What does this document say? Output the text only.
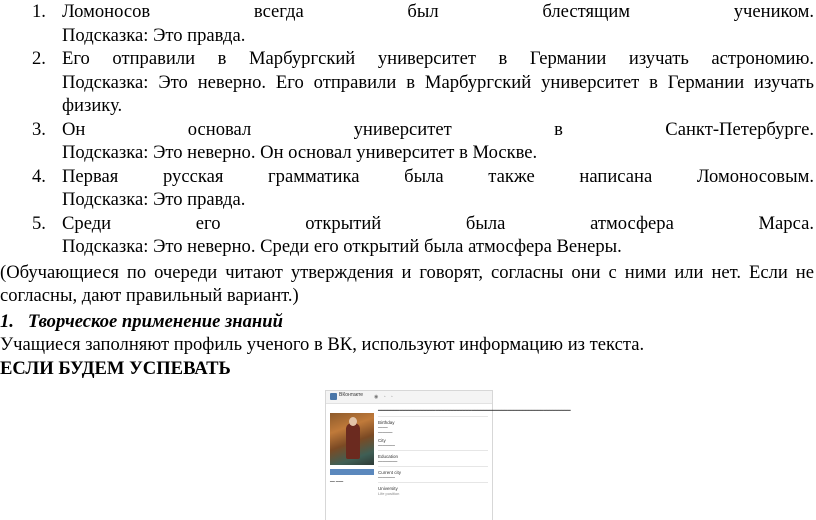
1. Ломоносов всегда был блестящим учеником.
Подсказка: Это правда.
2. Его отправили в Марбургский университет в Германии изучать астрономию.
Подсказка: Это неверно. Его отправили в Марбургский университет в Германии изучать физику.
3. Он основал университет в Санкт-Петербурге.
Подсказка: Это неверно. Он основал университет в Москве.
4. Первая русская грамматика была также написана Ломоносовым.
Подсказка: Это правда.
5. Среди его открытий была атмосфера Марса.
Подсказка: Это неверно. Среди его открытий была атмосфера Венеры.
(Обучающиеся по очереди читают утверждения и говорят, согласны они с ними или нет. Если не согласны, дают правильный вариант.)
1. Творческое применение знаний
Учащиеся заполняют профиль ученого в ВК, используют информацию из текста.
ЕСЛИ БУДЕМ УСПЕВАТЬ
ВКонтакте ◉ ◦ ◦
━━ ━━━
━━━━━━━━━━━━━━━━━━━━━━━━━━━━━━━━━━━━━━━━━━━━━━━━━━━━━━━━━━━━━━━━
Birthday
━━━━
━━━━━━
City
━━━━━━━
Education
━━━━━━━━
Current city
━━━━━━━
University
Life position
